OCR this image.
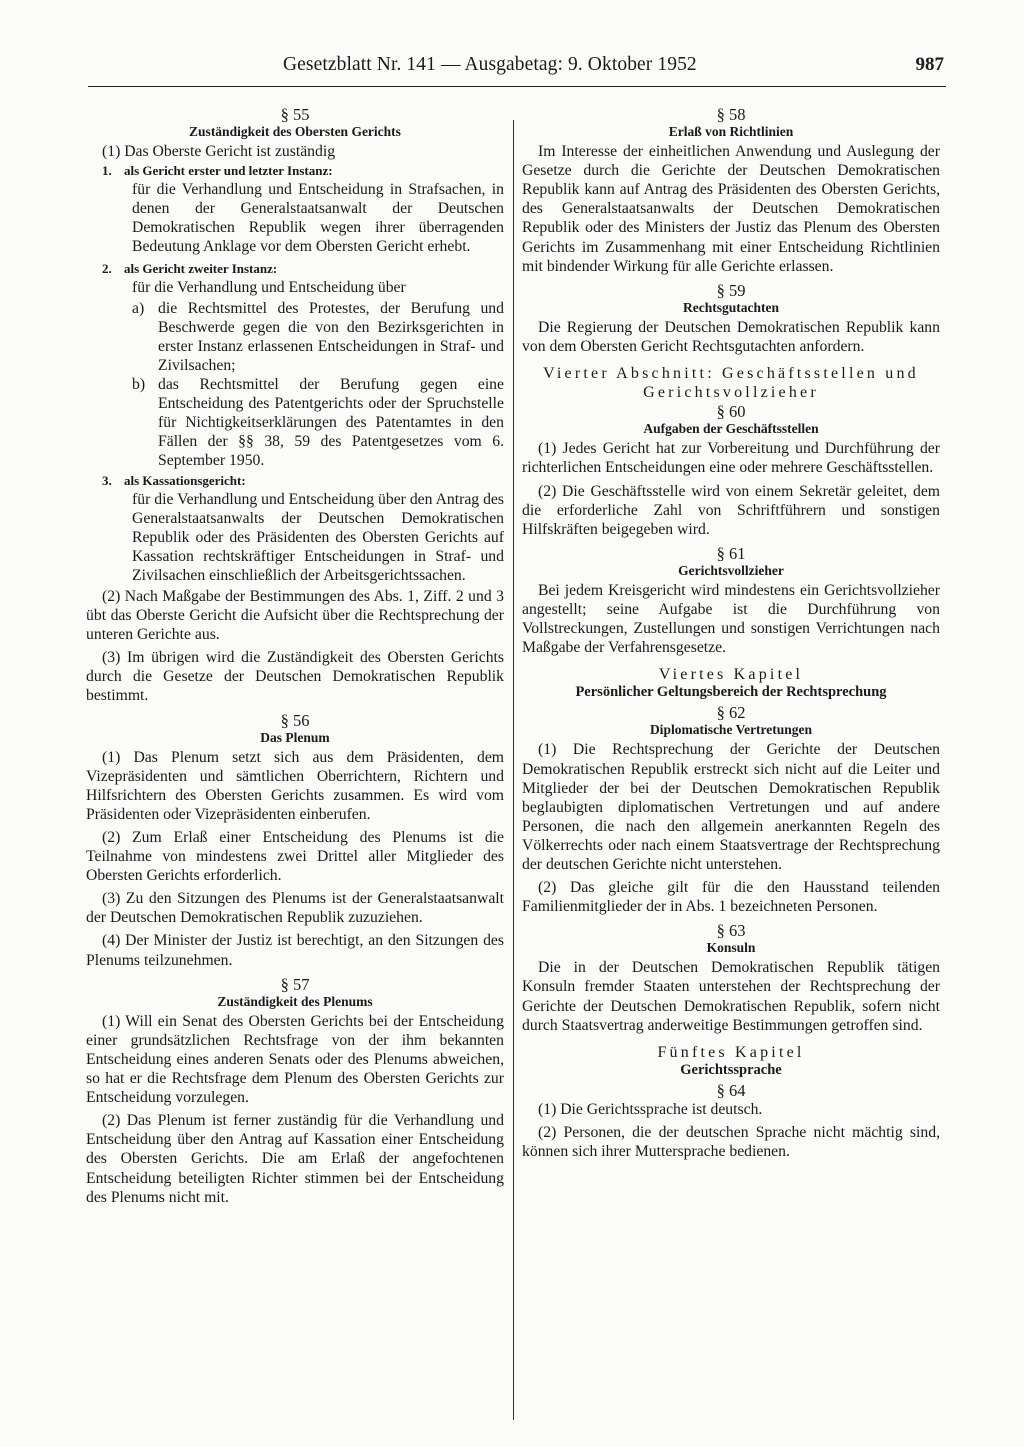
Gesetzblatt Nr. 141 — Ausgabetag: 9. Oktober 1952	987

§ 55

Zuständigkeit des Obersten Gerichts

(1) Das Oberste Gericht ist zuständig

1. als Gericht erster und letzter Instanz:

für die Verhandlung und Entscheidung in Strafsachen, in denen der Generalstaatsanwalt der Deutschen Demokratischen Republik wegen ihrer überragenden Bedeutung Anklage vor dem Obersten Gericht erhebt.

2. als Gericht zweiter Instanz:

für die Verhandlung und Entscheidung über

a) die Rechtsmittel des Protestes, der Berufung und Beschwerde gegen die von den Bezirksgerichten in erster Instanz erlassenen Entscheidungen in Straf- und Zivilsachen;
b) das Rechtsmittel der Berufung gegen eine Entscheidung des Patentgerichts oder der Spruchstelle für Nichtigkeitserklärungen des Patentamtes in den Fällen der §§ 38, 59 des Patentgesetzes vom 6. September 1950.
3. als Kassationsgericht:

für die Verhandlung und Entscheidung über den Antrag des Generalstaatsanwalts der Deutschen Demokratischen Republik oder des Präsidenten des Obersten Gerichts auf Kassation rechtskräftiger Entscheidungen in Straf- und Zivilsachen einschließlich der Arbeitsgerichtssachen.

(2) Nach Maßgabe der Bestimmungen des Abs. 1, Ziff. 2 und 3 übt das Oberste Gericht die Aufsicht über die Rechtsprechung der unteren Gerichte aus.

(3) Im übrigen wird die Zuständigkeit des Obersten Gerichts durch die Gesetze der Deutschen Demokratischen Republik bestimmt.

§ 56

Das Plenum

(1) Das Plenum setzt sich aus dem Präsidenten, dem Vizepräsidenten und sämtlichen Oberrichtern, Richtern und Hilfsrichtern des Obersten Gerichts zusammen. Es wird vom Präsidenten oder Vizepräsidenten einberufen.

(2) Zum Erlaß einer Entscheidung des Plenums ist die Teilnahme von mindestens zwei Drittel aller Mitglieder des Obersten Gerichts erforderlich.

(3) Zu den Sitzungen des Plenums ist der Generalstaatsanwalt der Deutschen Demokratischen Republik zuzuziehen.

(4) Der Minister der Justiz ist berechtigt, an den Sitzungen des Plenums teilzunehmen.

§ 57

Zuständigkeit des Plenums

(1) Will ein Senat des Obersten Gerichts bei der Entscheidung einer grundsätzlichen Rechtsfrage von der ihm bekannten Entscheidung eines anderen Senats oder des Plenums abweichen, so hat er die Rechtsfrage dem Plenum des Obersten Gerichts zur Entscheidung vorzulegen.

(2) Das Plenum ist ferner zuständig für die Verhandlung und Entscheidung über den Antrag auf Kassation einer Entscheidung des Obersten Gerichts. Die am Erlaß der angefochtenen Entscheidung beteiligten Richter stimmen bei der Entscheidung des Plenums nicht mit.

§ 58

Erlaß von Richtlinien

Im Interesse der einheitlichen Anwendung und Auslegung der Gesetze durch die Gerichte der Deutschen Demokratischen Republik kann auf Antrag des Präsidenten des Obersten Gerichts, des Generalstaatsanwalts der Deutschen Demokratischen Republik oder des Ministers der Justiz das Plenum des Obersten Gerichts im Zusammenhang mit einer Entscheidung Richtlinien mit bindender Wirkung für alle Gerichte erlassen.

§ 59

Rechtsgutachten

Die Regierung der Deutschen Demokratischen Republik kann von dem Obersten Gericht Rechtsgutachten anfordern.

Vierter Abschnitt: Geschäftsstellen und Gerichtsvollzieher

§ 60

Aufgaben der Geschäftsstellen

(1) Jedes Gericht hat zur Vorbereitung und Durchführung der richterlichen Entscheidungen eine oder mehrere Geschäftsstellen.

(2) Die Geschäftsstelle wird von einem Sekretär geleitet, dem die erforderliche Zahl von Schriftführern und sonstigen Hilfskräften beigegeben wird.

§ 61

Gerichtsvollzieher

Bei jedem Kreisgericht wird mindestens ein Gerichtsvollzieher angestellt; seine Aufgabe ist die Durchführung von Vollstreckungen, Zustellungen und sonstigen Verrichtungen nach Maßgabe der Verfahrensgesetze.

Viertes Kapitel

Persönlicher Geltungsbereich der Rechtsprechung

§ 62

Diplomatische Vertretungen

(1) Die Rechtsprechung der Gerichte der Deutschen Demokratischen Republik erstreckt sich nicht auf die Leiter und Mitglieder der bei der Deutschen Demokratischen Republik beglaubigten diplomatischen Vertretungen und auf andere Personen, die nach den allgemein anerkannten Regeln des Völkerrechts oder nach einem Staatsvertrage der Rechtsprechung der deutschen Gerichte nicht unterstehen.

(2) Das gleiche gilt für die den Hausstand teilenden Familienmitglieder der in Abs. 1 bezeichneten Personen.

§ 63

Konsuln

Die in der Deutschen Demokratischen Republik tätigen Konsuln fremder Staaten unterstehen der Rechtsprechung der Gerichte der Deutschen Demokratischen Republik, sofern nicht durch Staatsvertrag anderweitige Bestimmungen getroffen sind.

Fünftes Kapitel

Gerichtssprache

§ 64

(1) Die Gerichtssprache ist deutsch.

(2) Personen, die der deutschen Sprache nicht mächtig sind, können sich ihrer Muttersprache bedienen.
